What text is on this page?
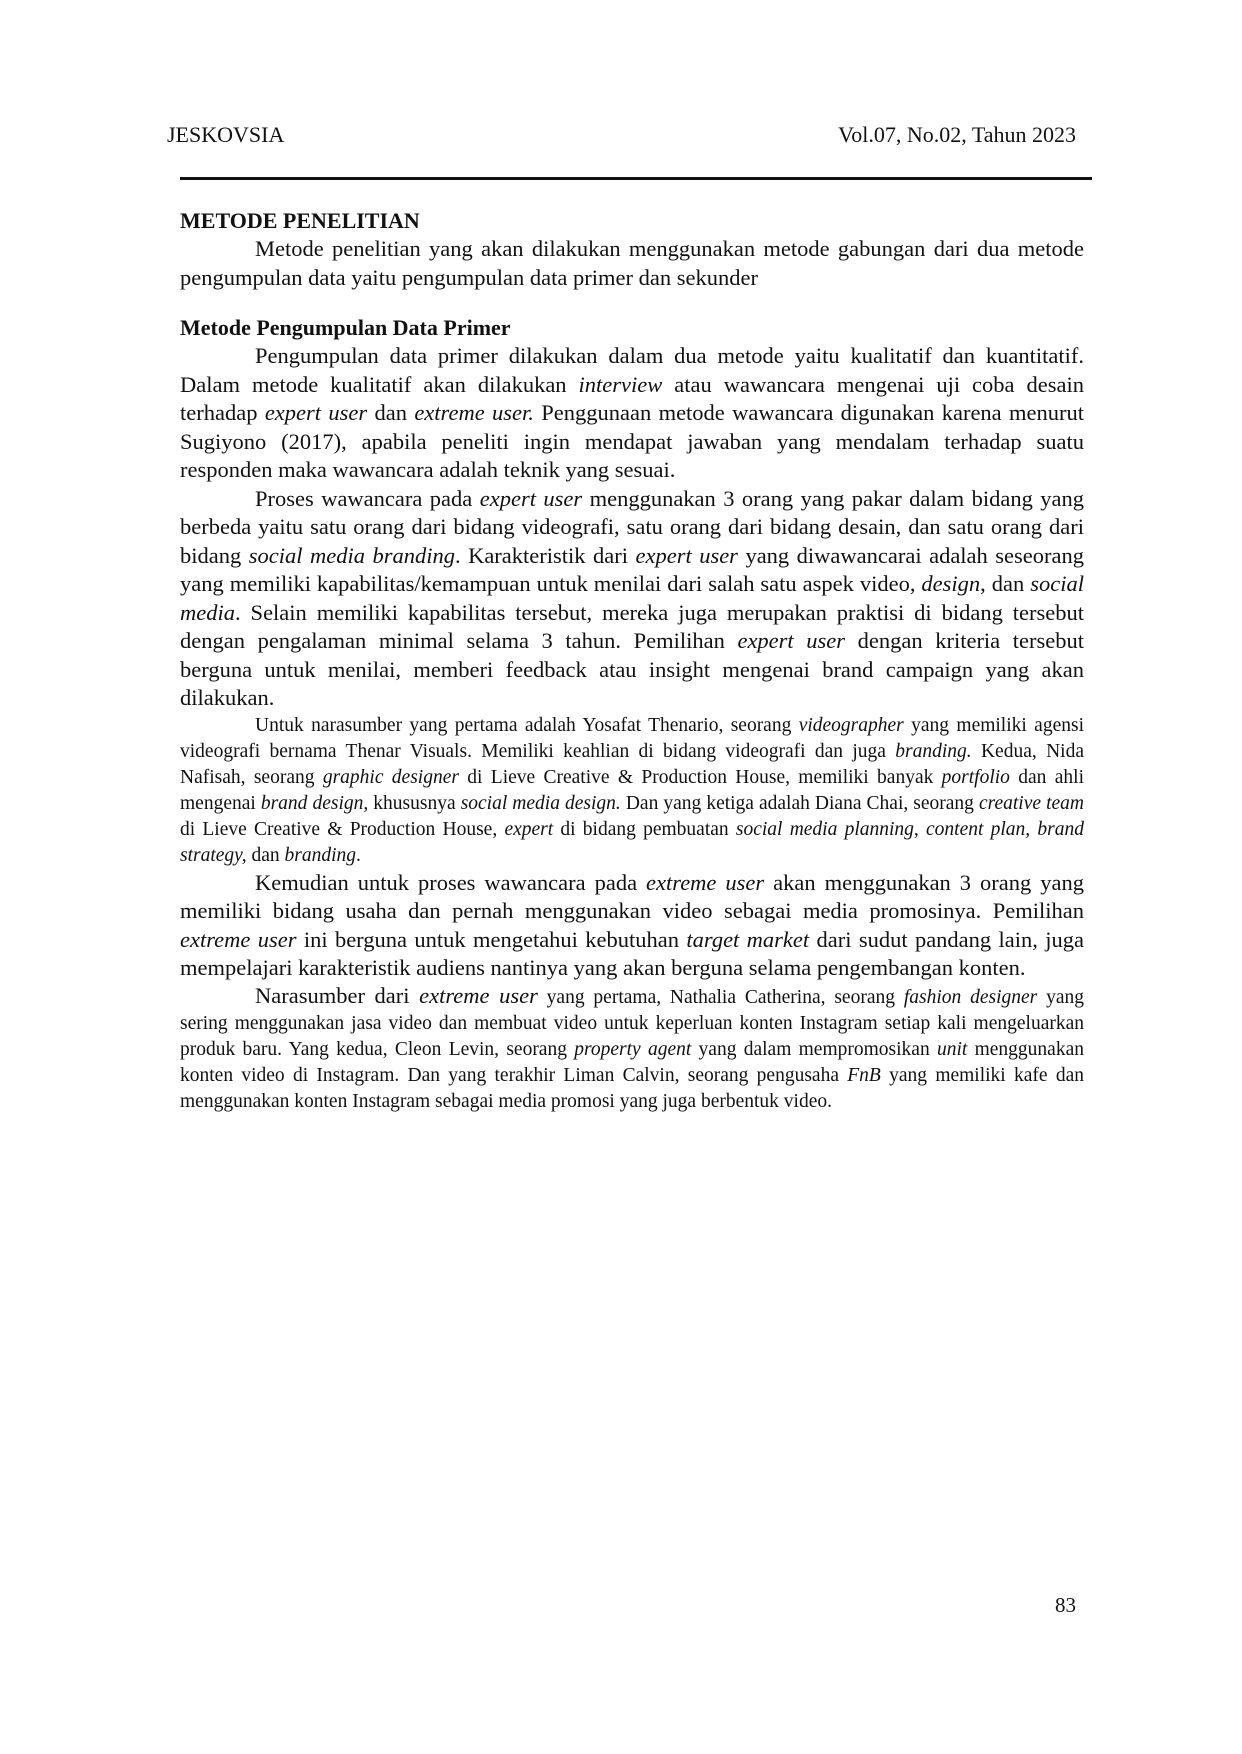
JESKOVSIA	Vol.07, No.02, Tahun 2023
METODE PENELITIAN

Metode penelitian yang akan dilakukan menggunakan metode gabungan dari dua metode pengumpulan data yaitu pengumpulan data primer dan sekunder

Metode Pengumpulan Data Primer

Pengumpulan data primer dilakukan dalam dua metode yaitu kualitatif dan kuantitatif. Dalam metode kualitatif akan dilakukan interview atau wawancara mengenai uji coba desain terhadap expert user dan extreme user. Penggunaan metode wawancara digunakan karena menurut Sugiyono (2017), apabila peneliti ingin mendapat jawaban yang mendalam terhadap suatu responden maka wawancara adalah teknik yang sesuai.

Proses wawancara pada expert user menggunakan 3 orang yang pakar dalam bidang yang berbeda yaitu satu orang dari bidang videografi, satu orang dari bidang desain, dan satu orang dari bidang social media branding. Karakteristik dari expert user yang diwawancarai adalah seseorang yang memiliki kapabilitas/kemampuan untuk menilai dari salah satu aspek video, design, dan social media. Selain memiliki kapabilitas tersebut, mereka juga merupakan praktisi di bidang tersebut dengan pengalaman minimal selama 3 tahun. Pemilihan expert user dengan kriteria tersebut berguna untuk menilai, memberi feedback atau insight mengenai brand campaign yang akan dilakukan.

Untuk narasumber yang pertama adalah Yosafat Thenario, seorang videographer yang memiliki agensi videografi bernama Thenar Visuals. Memiliki keahlian di bidang videografi dan juga branding. Kedua, Nida Nafisah, seorang graphic designer di Lieve Creative & Production House, memiliki banyak portfolio dan ahli mengenai brand design, khususnya social media design. Dan yang ketiga adalah Diana Chai, seorang creative team di Lieve Creative & Production House, expert di bidang pembuatan social media planning, content plan, brand strategy, dan branding.

Kemudian untuk proses wawancara pada extreme user akan menggunakan 3 orang yang memiliki bidang usaha dan pernah menggunakan video sebagai media promosinya. Pemilihan extreme user ini berguna untuk mengetahui kebutuhan target market dari sudut pandang lain, juga mempelajari karakteristik audiens nantinya yang akan berguna selama pengembangan konten.

Narasumber dari extreme user yang pertama, Nathalia Catherina, seorang fashion designer yang sering menggunakan jasa video dan membuat video untuk keperluan konten Instagram setiap kali mengeluarkan produk baru. Yang kedua, Cleon Levin, seorang property agent yang dalam mempromosikan unit menggunakan konten video di Instagram. Dan yang terakhir Liman Calvin, seorang pengusaha FnB yang memiliki kafe dan menggunakan konten Instagram sebagai media promosi yang juga berbentuk video.

83
